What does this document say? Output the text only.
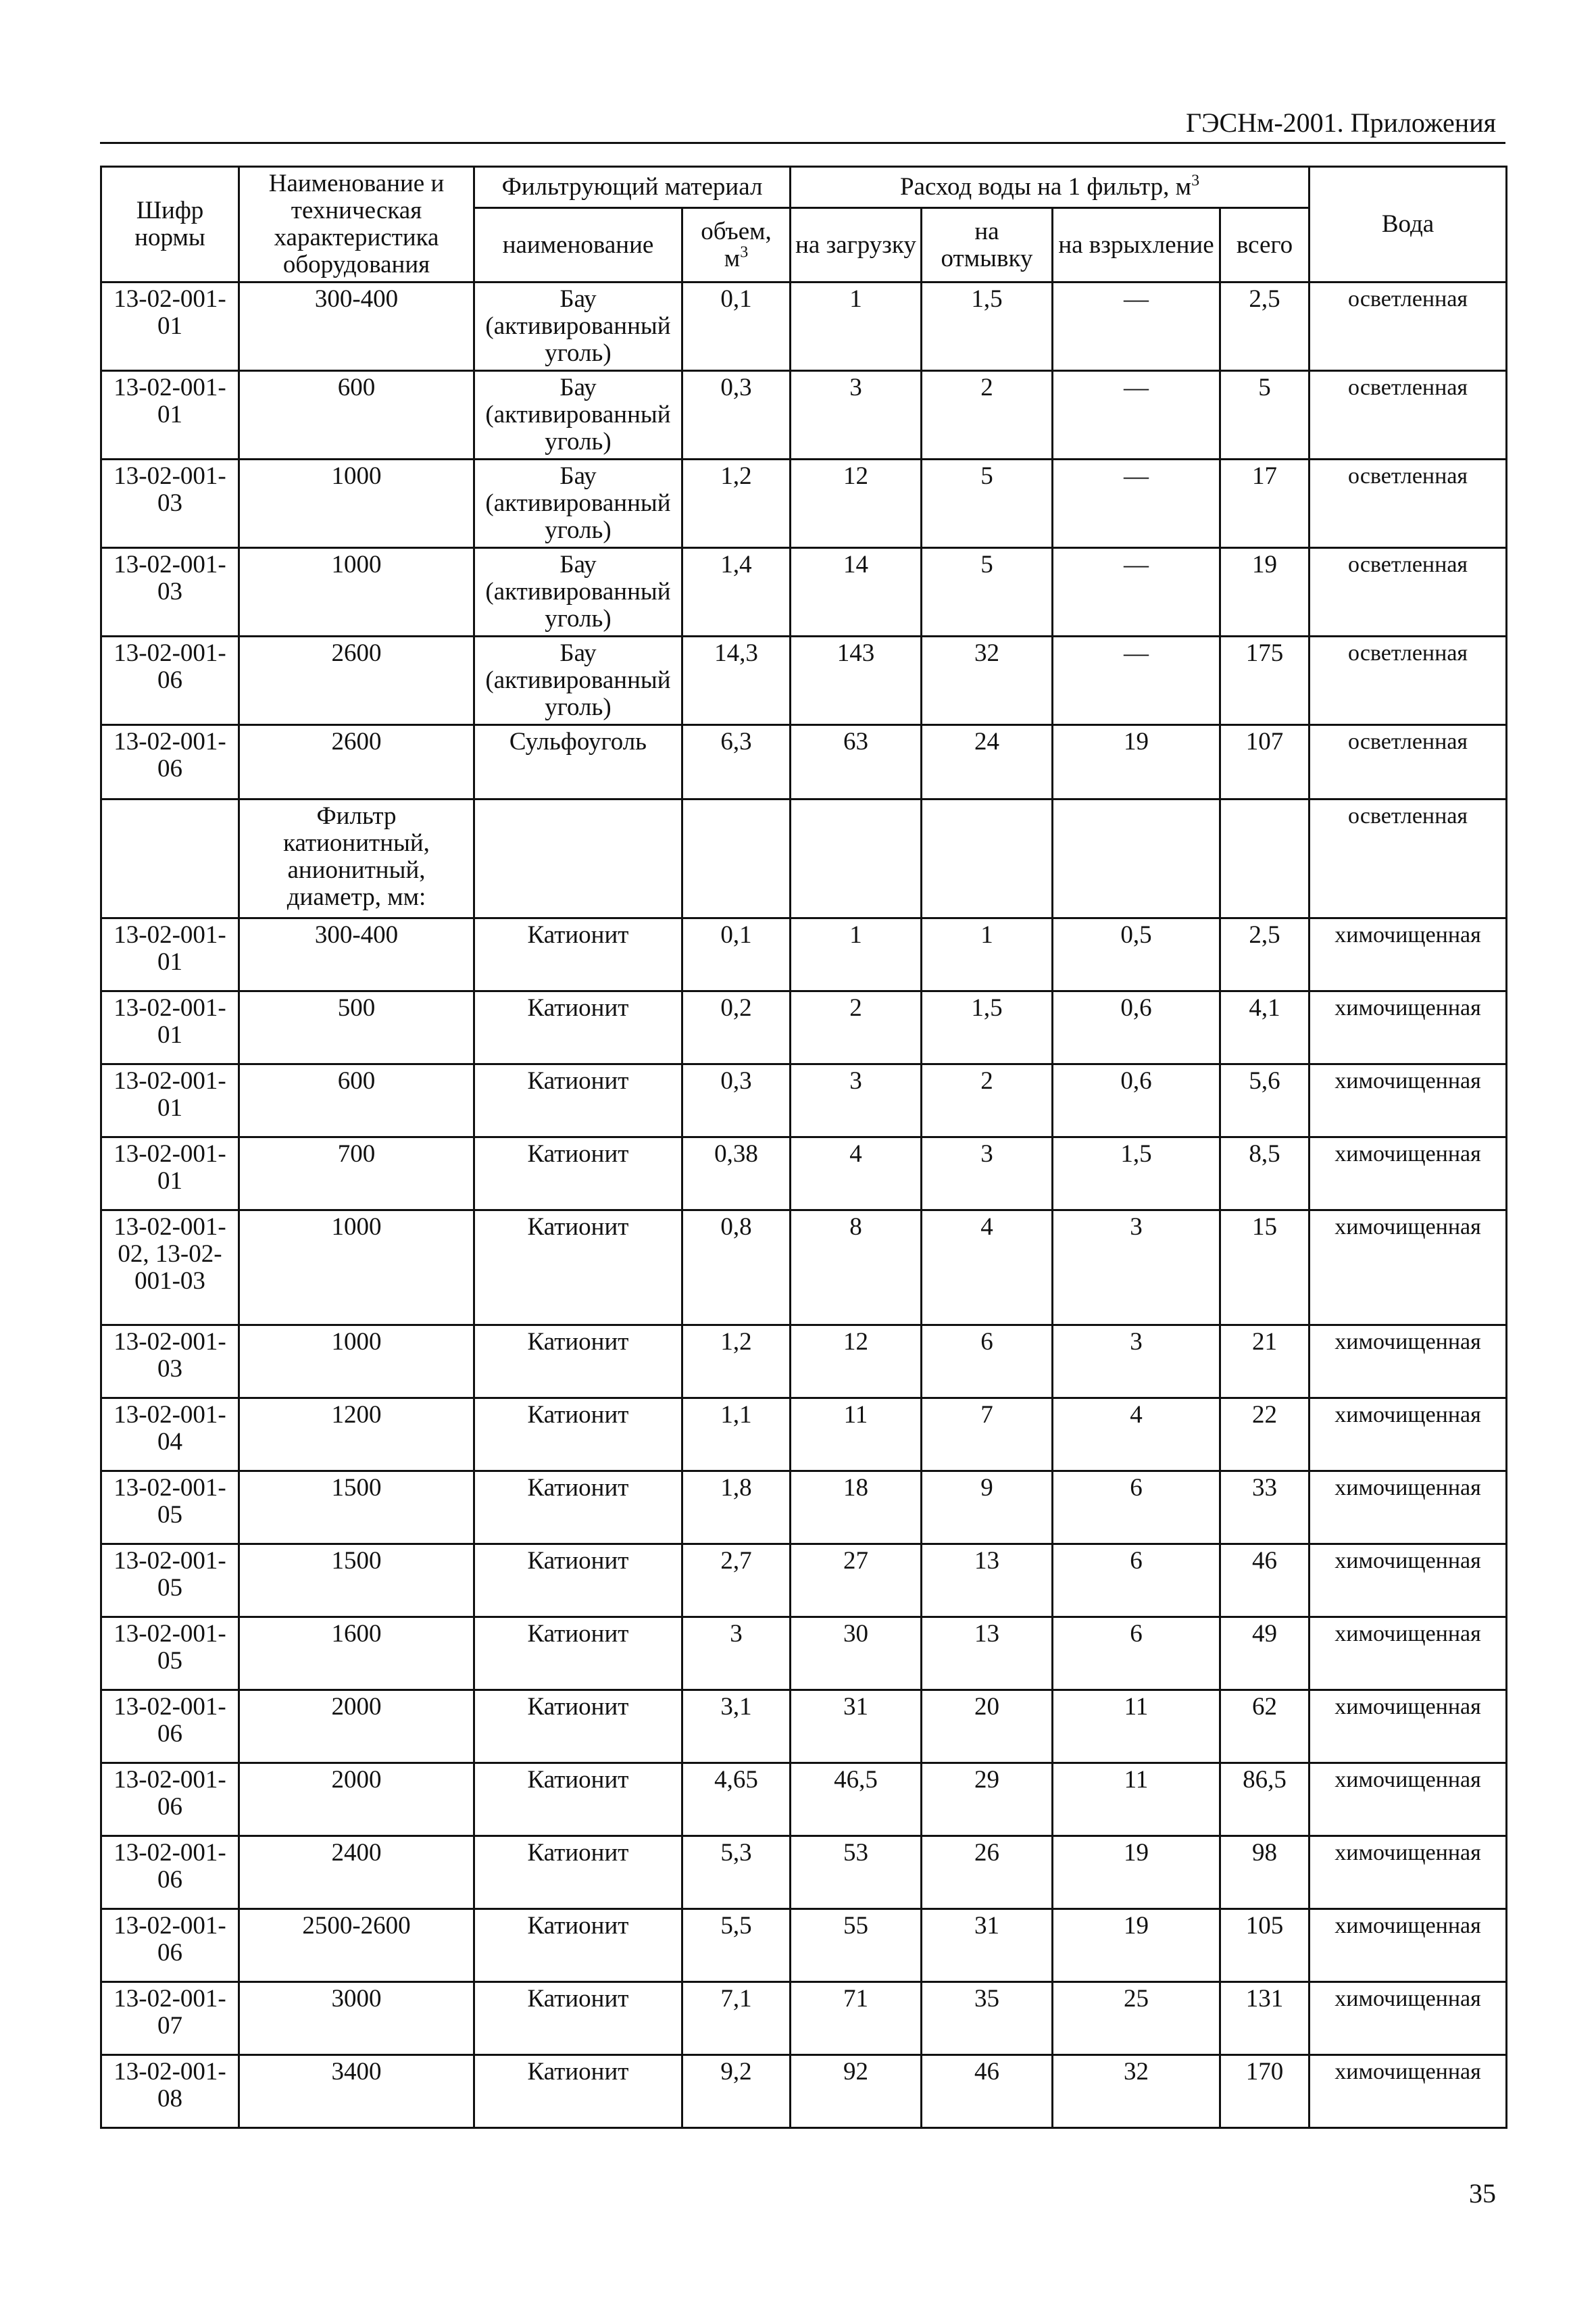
ГЭСНм-2001. Приложения
Шифр нормы	Наименование и техническая характеристика оборудования	Фильтрующий материал		Расход воды на 1 фильтр, $м^3$				Вода
		наименование	объем, $м^3$	на загрузку	на отмывку	на взрыхление	всего	
13-02-001-01	300-400	Бау (активированный уголь)	0,1	1	1,5	—	2,5	осветленная
13-02-001-01	600	Бау (активированный уголь)	0,3	3	2	—	5	осветленная
13-02-001-03	1000	Бау (активированный уголь)	1,2	12	5	—	17	осветленная
13-02-001-03	1000	Бау (активированный уголь)	1,4	14	5	—	19	осветленная
13-02-001-06	2600	Бау (активированный уголь)	14,3	143	32	—	175	осветленная
13-02-001-06	2600	Сульфоуголь	6,3	63	24	19	107	осветленная
	Фильтр катионитный, анионитный, диаметр, мм:							осветленная
13-02-001-01	300-400	Катионит	0,1	1	1	0,5	2,5	химочищенная
13-02-001-01	500	Катионит	0,2	2	1,5	0,6	4,1	химочищенная
13-02-001-01	600	Катионит	0,3	3	2	0,6	5,6	химочищенная
13-02-001-01	700	Катионит	0,38	4	3	1,5	8,5	химочищенная
13-02-001-02, 13-02-001-03	1000	Катионит	0,8	8	4	3	15	химочищенная
13-02-001-03	1000	Катионит	1,2	12	6	3	21	химочищенная
13-02-001-04	1200	Катионит	1,1	11	7	4	22	химочищенная
13-02-001-05	1500	Катионит	1,8	18	9	6	33	химочищенная
13-02-001-05	1500	Катионит	2,7	27	13	6	46	химочищенная
13-02-001-05	1600	Катионит	3	30	13	6	49	химочищенная
13-02-001-06	2000	Катионит	3,1	31	20	11	62	химочищенная
13-02-001-06	2000	Катионит	4,65	46,5	29	11	86,5	химочищенная
13-02-001-06	2400	Катионит	5,3	53	26	19	98	химочищенная
13-02-001-06	2500-2600	Катионит	5,5	55	31	19	105	химочищенная
13-02-001-07	3000	Катионит	7,1	71	35	25	131	химочищенная
13-02-001-08	3400	Катионит	9,2	92	46	32	170	химочищенная
35
